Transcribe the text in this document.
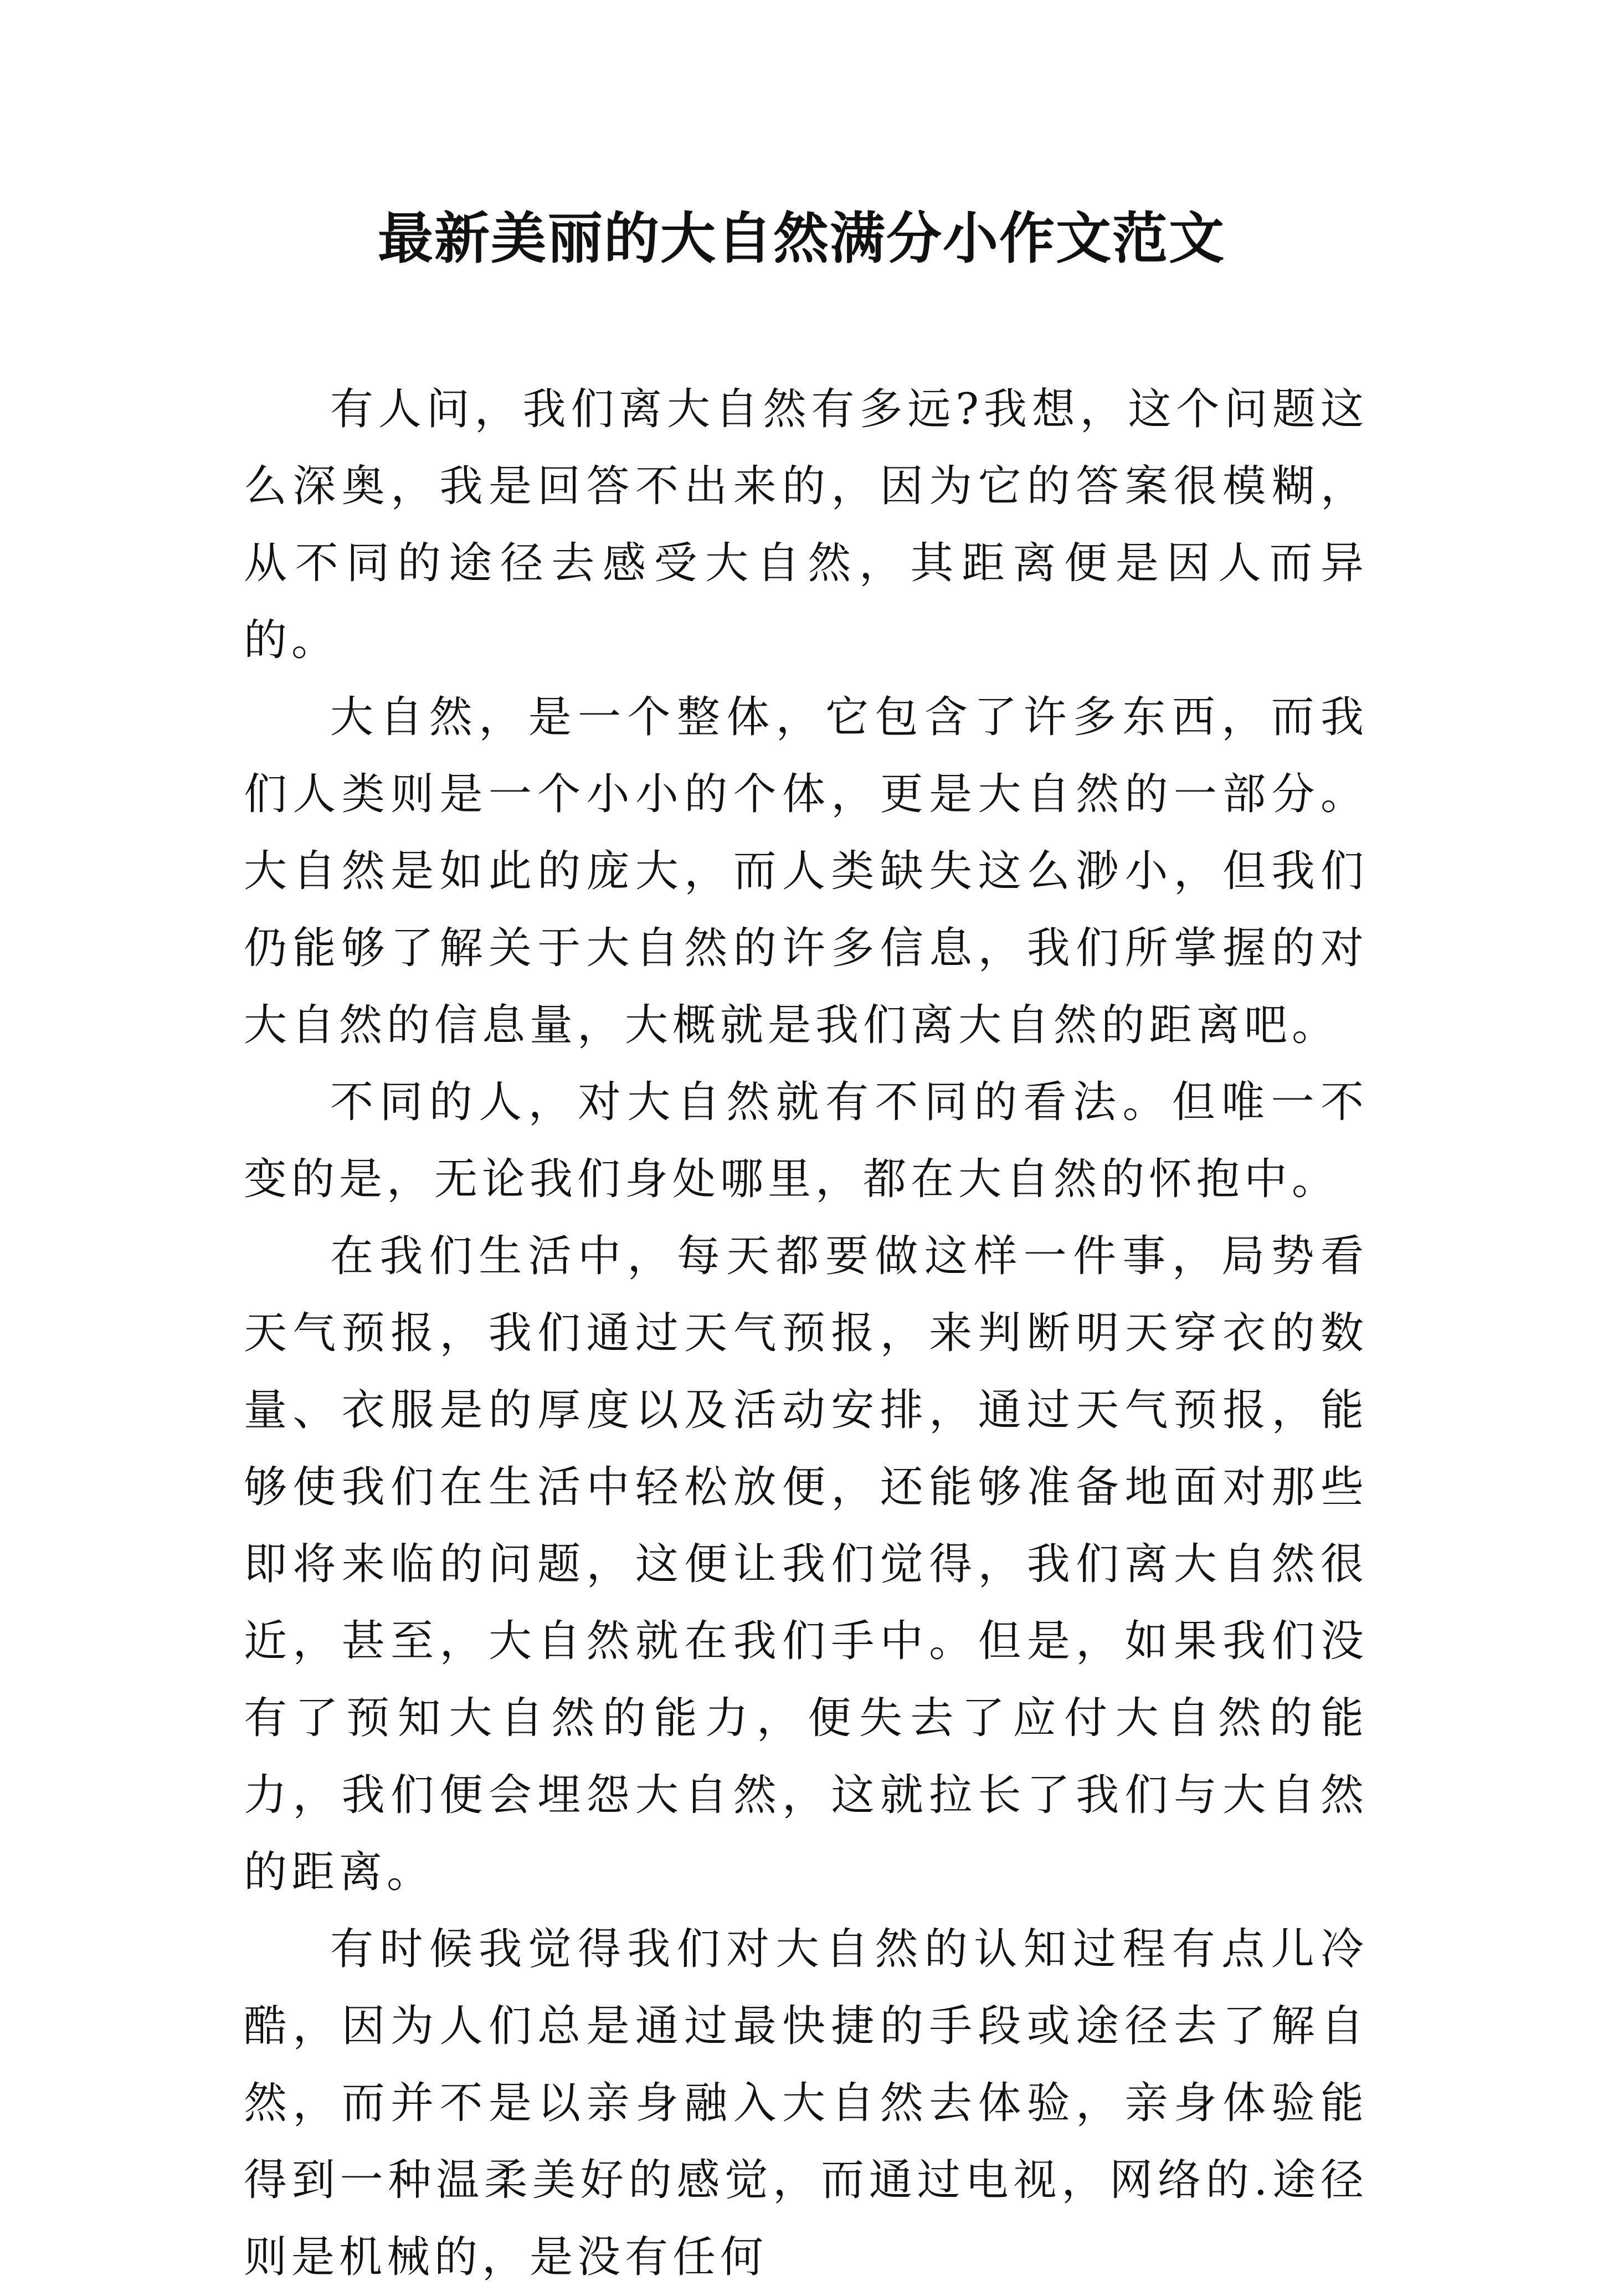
最新美丽的大自然满分小作文范文

有人问，我们离大自然有多远?我想，这个问题这么深奥，我是回答不出来的，因为它的答案很模糊，从不同的途径去感受大自然，其距离便是因人而异的。

大自然，是一个整体，它包含了许多东西，而我们人类则是一个小小的个体，更是大自然的一部分。大自然是如此的庞大，而人类缺失这么渺小，但我们仍能够了解关于大自然的许多信息，我们所掌握的对大自然的信息量，大概就是我们离大自然的距离吧。

不同的人，对大自然就有不同的看法。但唯一不变的是，无论我们身处哪里，都在大自然的怀抱中。

在我们生活中，每天都要做这样一件事，局势看天气预报，我们通过天气预报，来判断明天穿衣的数量、衣服是的厚度以及活动安排，通过天气预报，能够使我们在生活中轻松放便，还能够准备地面对那些即将来临的问题，这便让我们觉得，我们离大自然很近，甚至，大自然就在我们手中。但是，如果我们没有了预知大自然的能力，便失去了应付大自然的能力，我们便会埋怨大自然，这就拉长了我们与大自然的距离。

有时候我觉得我们对大自然的认知过程有点儿冷酷，因为人们总是通过最快捷的手段或途径去了解自然，而并不是以亲身融入大自然去体验，亲身体验能得到一种温柔美好的感觉，而通过电视，网络的.途径则是机械的，是没有任何
